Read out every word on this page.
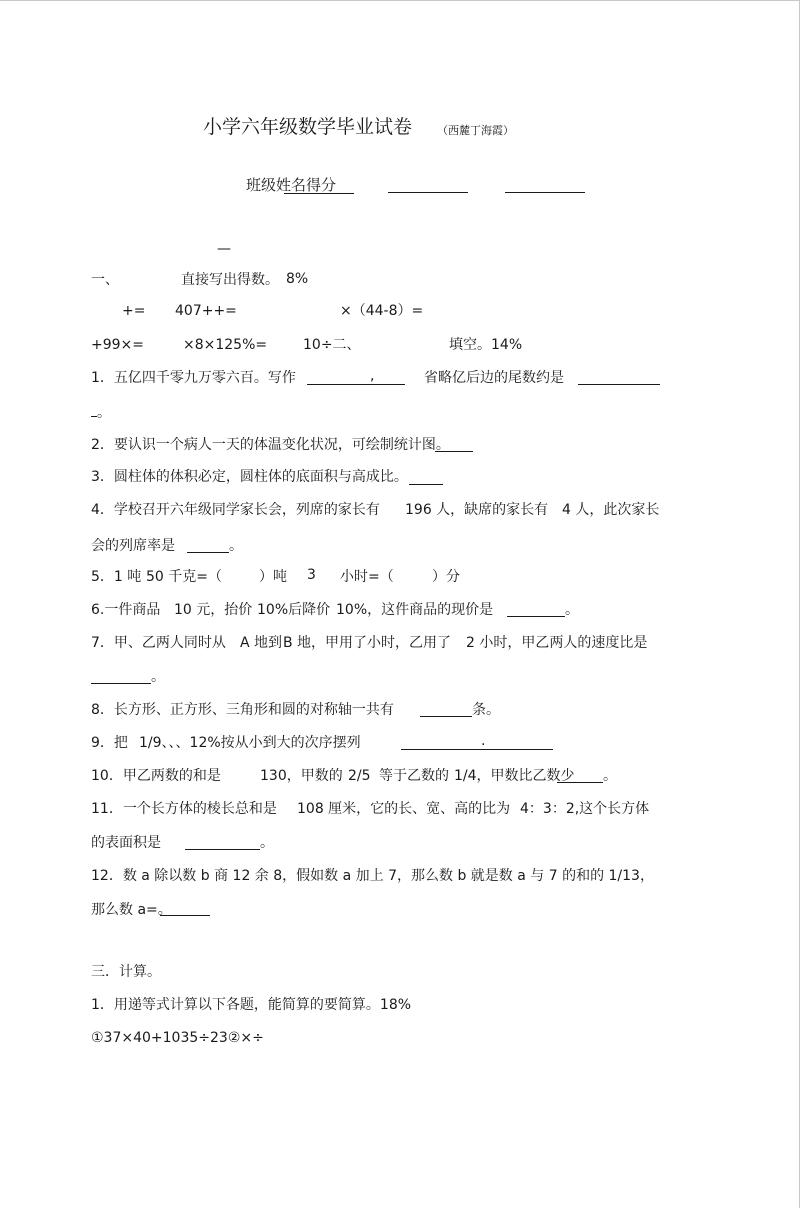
小学六年级数学毕业试卷 （西麓丁海霞）
班级姓名得分
—
一、	直接写出得数。 8%
+= 407++=	×（44-8）=
+99×=	×8×125%=	10÷二、	填空。14%
1．五亿四千零九万零六百。写作	,	省略亿后边的尾数约是
。
2．要认识一个病人一天的体温变化状况，可绘制统计图。
3．圆柱体的体积必定，圆柱体的底面积与高成比。
4．学校召开六年级同学家长会，列席的家长有 196 人，缺席的家长有 4 人，此次家长
会的列席率是	。
5．1 吨 50 千克=（	）吨 3 小时=（	）分
6.一件商品 10 元，抬价 10%后降价 10%，这件商品的现价是	。
7．甲、乙两人同时从 A 地到 B 地，甲用了小时，乙用了 2 小时，甲乙两人的速度比是
。
8．长方形、正方形、三角形和圆的对称轴一共有	条。
9．把 1/9、、、12%按从小到大的次序摆列	.
10．甲乙两数的和是	130，甲数的 2/5 等于乙数的 1/4，甲数比乙数少 。
11．一个长方体的棱长总和是 108 厘米，它的长、宽、高的比为 4：3：2,这个长方体
的表面积是	。
12．数 a 除以数 b 商 12 余 8，假如数 a 加上 7，那么数 b 就是数 a 与 7 的和的 1/13，
那么数 a=。
三．计算。
1．用递等式计算以下各题，能简算的要简算。18%
①37×40+1035÷23②×÷
